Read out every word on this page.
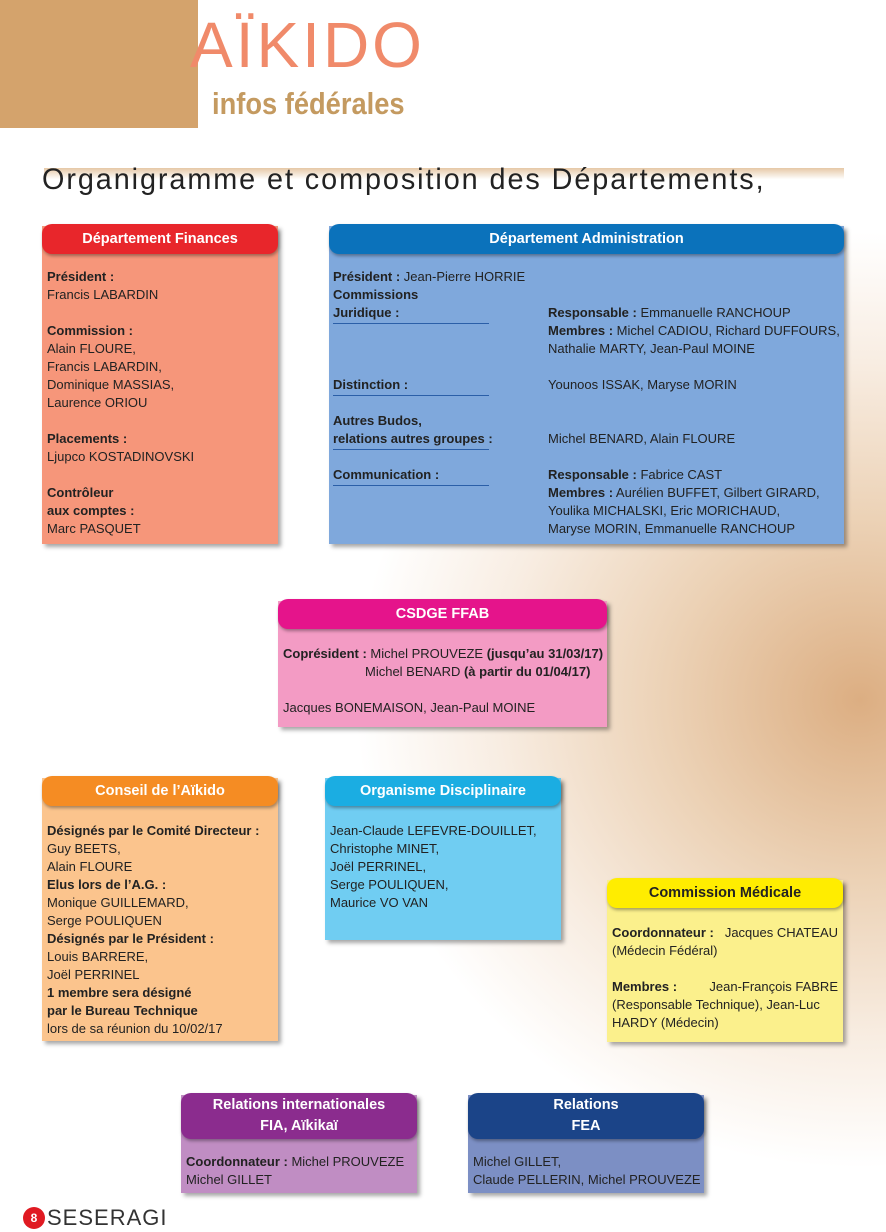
AÏKIDO
infos fédérales
Organigramme et composition des Départements,
Département Finances
Président :
Francis LABARDIN

Commission :
Alain FLOURE,
Francis LABARDIN,
Dominique MASSIAS,
Laurence ORIOU

Placements :
Ljupco KOSTADINOVSKI

Contrôleur
aux comptes :
Marc PASQUET
Département Administration
Président : Jean-Pierre HORRIE
Commissions
Juridique :	Responsable : Emmanuelle RANCHOUP
Membres : Michel CADIOU, Richard DUFFOURS,
Nathalie MARTY, Jean-Paul MOINE
Distinction :	Younoos ISSAK, Maryse MORIN
Autres Budos,
relations autres groupes :	Michel BENARD, Alain FLOURE
Communication :	Responsable : Fabrice CAST
Membres : Aurélien BUFFET, Gilbert GIRARD,
Youlika MICHALSKI, Eric MORICHAUD,
Maryse MORIN, Emmanuelle RANCHOUP
CSDGE FFAB
Coprésident : Michel PROUVEZE (jusqu’au 31/03/17)
Michel BENARD (à partir du 01/04/17)

Jacques BONEMAISON, Jean-Paul MOINE
Conseil de l’Aïkido
Désignés par le Comité Directeur :
Guy BEETS,
Alain FLOURE
Elus lors de l’A.G. :
Monique GUILLEMARD,
Serge POULIQUEN
Désignés par le Président :
Louis BARRERE,
Joël PERRINEL
1 membre sera désigné
par le Bureau Technique
lors de sa réunion du 10/02/17
Organisme Disciplinaire
Jean-Claude LEFEVRE-DOUILLET,
Christophe MINET,
Joël PERRINEL,
Serge POULIQUEN,
Maurice VO VAN
Commission Médicale
Coordonnateur : Jacques CHATEAU
(Médecin Fédéral)

Membres : Jean-François FABRE
(Responsable Technique), Jean-Luc
HARDY (Médecin)
Relations internationales
FIA, Aïkikaï
Coordonnateur : Michel PROUVEZE
Michel GILLET
Relations
FEA
Michel GILLET,
Claude PELLERIN, Michel PROUVEZE
8 SESERAGI
